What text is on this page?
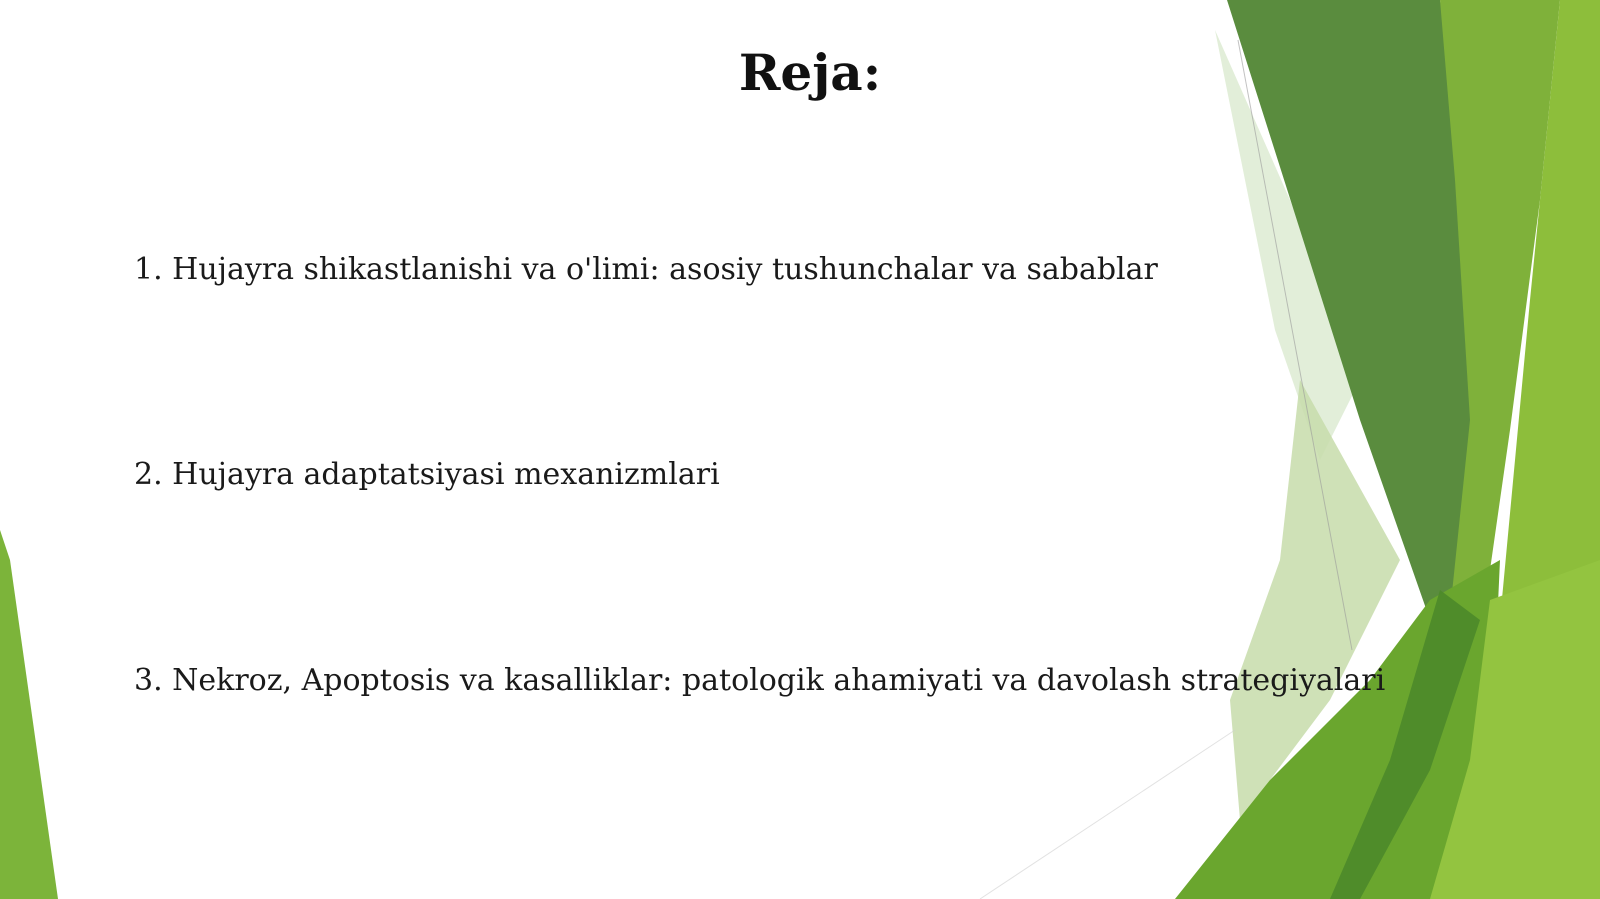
Reja:
1. Hujayra shikastlanishi va o'limi: asosiy tushunchalar va sabablar
2. Hujayra adaptatsiyasi mexanizmlari
3. Nekroz, Apoptosis va kasalliklar: patologik ahamiyati va davolash strategiyalari
